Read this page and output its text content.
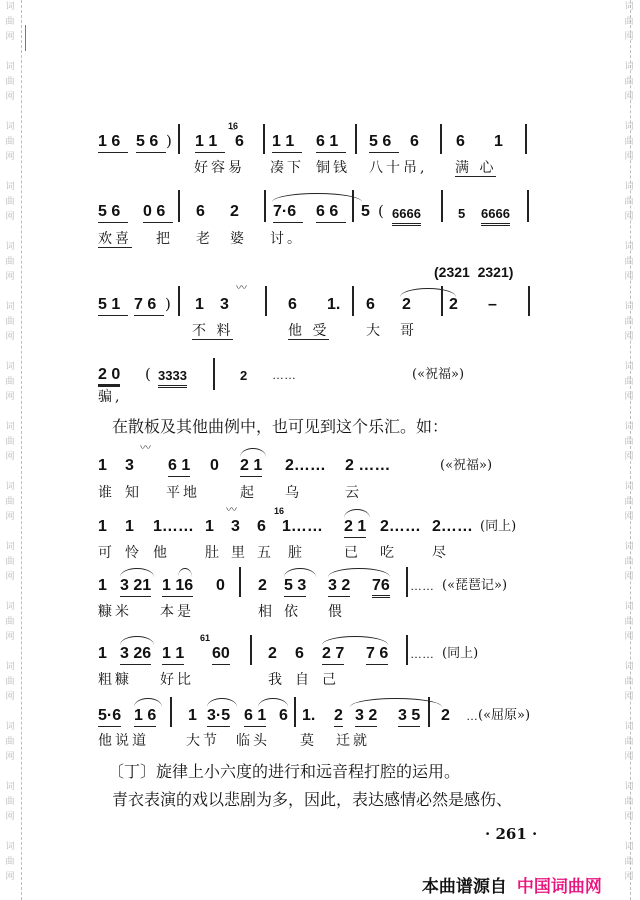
词
曲
网
词
曲
网
词
曲
网
词
曲
网
词
曲
网
词
曲
网
词
曲
网
词
曲
网
词
曲
网
词
曲
网
词
曲
网
词
曲
网
词
曲
网
词
曲
网
词
曲
网
词
曲
网
词
曲
网
词
曲
网
词
曲
网
词
曲
网
词
曲
网
词
曲
网
词
曲
网
词
曲
网
词
曲
网
词
曲
网
词
曲
网
词
曲
网
词
曲
网
词
曲
网
1 6 5 6 ) 1 1
1̲6
6 1 1	6 1	5 6	6 6 1
好容易 凑下 铜钱 八十吊, 满 心
5 6	0 6	6 2 7·6	6 6	5 ( 6666	5 6666
欢喜 把 老 婆 讨。
(2321  2321)
5 1 7 6 ) 1 3
〰
6 1. 6 2 2 –
不 料	他 受	大 哥
2 0 ( 3333	2 ……	(«祝福»)
骗,
在散板及其他曲例中，也可见到这个乐汇。如：
1 3
〰
6 1 0 2 1 2…… 2 ……	(«祝福»)
谁 知 平地	起 乌	云
1 1 1…… 1
〰
3 6
16
1…… 2 1 2…… 2…… (同上)
可 怜 他	肚 里 五 脏	已 吃	尽
1 3 21 1 16 0 2 5 3 3 2 76 …… («琵琶记»)
糠米 本是	相 依 偎
1 3 26 1 1
61
60 2 6 2 7 7 6 …… (同上)
粗糠 好比	我 自 己
5·6 1 6 1 3·5 6 1 6 1. 2 3 2 3 5 2 … («屈原»)
他说道	大节 临头 莫 迁就
〔丁〕旋律上小六度的进行和远音程打腔的运用。
青衣表演的戏以悲剧为多，因此，表达感情必然是感伤、
· 261 ·

本曲谱源自 中国词曲网
